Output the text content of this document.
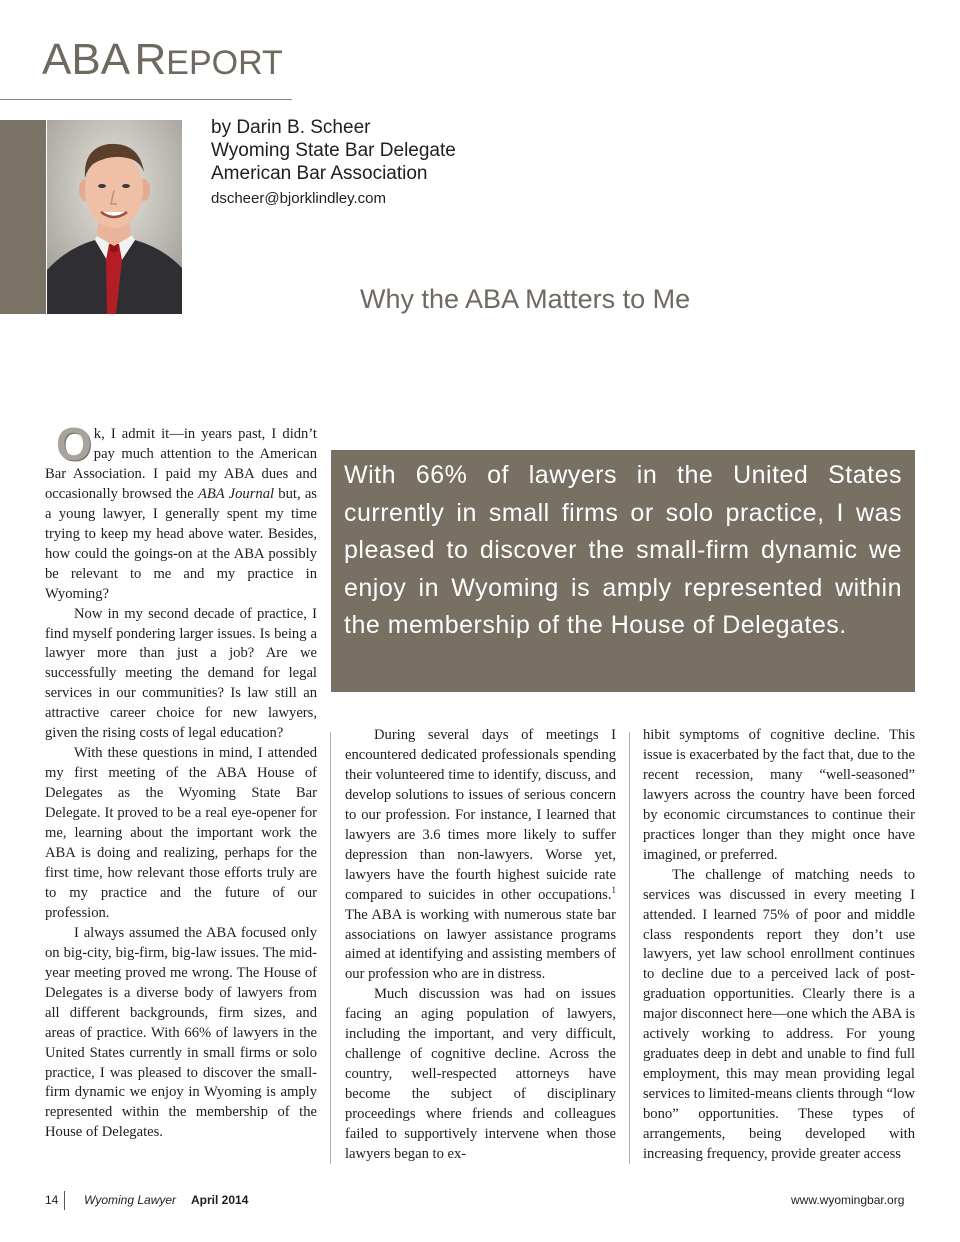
ABA REPORT
by Darin B. Scheer
Wyoming State Bar Delegate
American Bar Association
dscheer@bjorklindley.com
Why the ABA Matters to Me

Ok, I admit it—in years past, I didn’t pay much attention to the American Bar Association. I paid my ABA dues and occasionally browsed the ABA Journal but, as a young lawyer, I generally spent my time trying to keep my head above water. Besides, how could the goings-on at the ABA possibly be relevant to me and my practice in Wyoming?

Now in my second decade of practice, I find myself pondering larger issues. Is being a lawyer more than just a job? Are we successfully meeting the demand for legal services in our communities? Is law still an attractive career choice for new lawyers, given the rising costs of legal education?

With these questions in mind, I attended my first meeting of the ABA House of Delegates as the Wyoming State Bar Delegate. It proved to be a real eye-opener for me, learning about the important work the ABA is doing and realizing, perhaps for the first time, how relevant those efforts truly are to my practice and the future of our profession.

I always assumed the ABA focused only on big-city, big-firm, big-law issues. The mid-year meeting proved me wrong. The House of Delegates is a diverse body of lawyers from all different backgrounds, firm sizes, and areas of practice. With 66% of lawyers in the United States currently in small firms or solo practice, I was pleased to discover the small-firm dynamic we enjoy in Wyoming is amply represented within the membership of the House of Delegates.

With 66% of lawyers in the United States currently in small firms or solo practice, I was pleased to discover the small-firm dynamic we enjoy in Wyoming is amply represented within the membership of the House of Delegates.

During several days of meetings I encountered dedicated professionals spending their volunteered time to identify, discuss, and develop solutions to issues of serious concern to our profession. For instance, I learned that lawyers are 3.6 times more likely to suffer depression than non-lawyers. Worse yet, lawyers have the fourth highest suicide rate compared to suicides in other occupations.$^1$ The ABA is working with numerous state bar associations on lawyer assistance programs aimed at identifying and assisting members of our profession who are in distress.

Much discussion was had on issues facing an aging population of lawyers, including the important, and very difficult, challenge of cognitive decline. Across the country, well-respected attorneys have become the subject of disciplinary proceedings where friends and colleagues failed to supportively intervene when those lawyers began to ex-

hibit symptoms of cognitive decline. This issue is exacerbated by the fact that, due to the recent recession, many “well-seasoned” lawyers across the country have been forced by economic circumstances to continue their practices longer than they might once have imagined, or preferred.

The challenge of matching needs to services was discussed in every meeting I attended. I learned 75% of poor and middle class respondents report they don’t use lawyers, yet law school enrollment continues to decline due to a perceived lack of post-graduation opportunities. Clearly there is a major disconnect here—one which the ABA is actively working to address. For young graduates deep in debt and unable to find full employment, this may mean providing legal services to limited-means clients through “low bono” opportunities. These types of arrangements, being developed with increasing frequency, provide greater access

14 Wyoming Lawyer April 2014	www.wyomingbar.org
